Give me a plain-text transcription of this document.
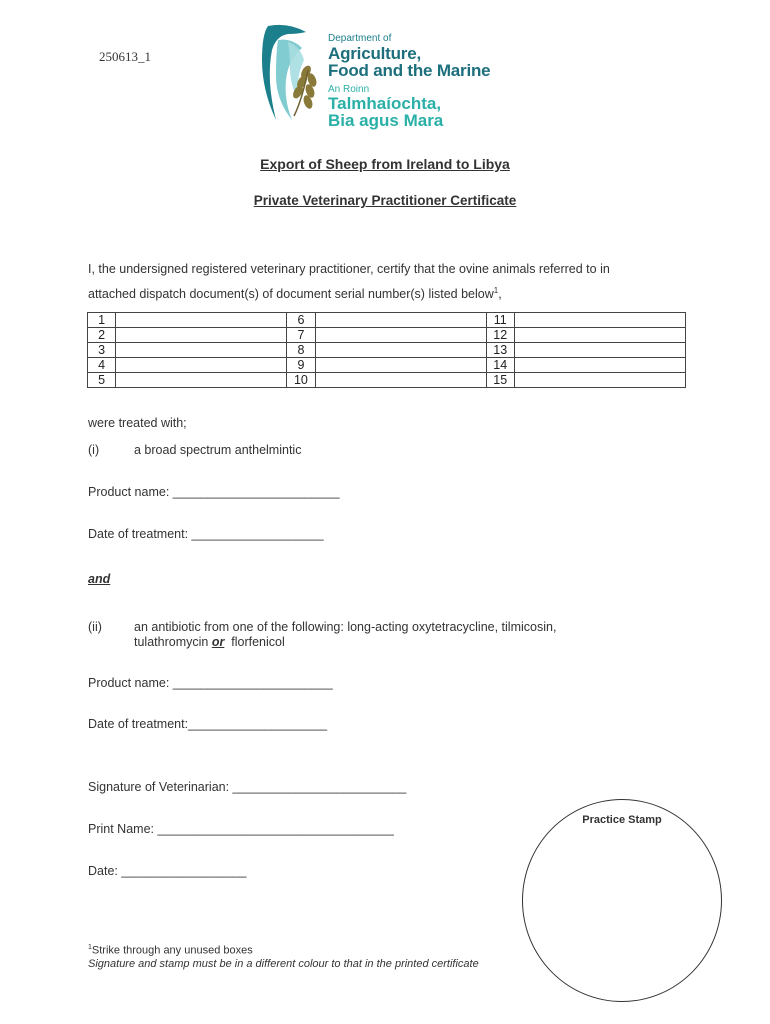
250613_1
Department of
Agriculture,
Food and the Marine
An Roinn
Talmhaíochta,
Bia agus Mara
Export of Sheep from Ireland to Libya
Private Veterinary Practitioner Certificate
I, the undersigned registered veterinary practitioner, certify that the ovine animals referred to in
attached dispatch document(s) of document serial number(s) listed below$^1$,
1		6		11	
2		7		12	
3		8		13	
4		9		14	
5		10		15	
were treated with;
(i)	a broad spectrum anthelmintic
Product name: ________________________
Date of treatment: ___________________
and
(ii)	an antibiotic from one of the following: long-acting oxytetracycline, tilmicosin,
tulathromycin or  florfenicol
Product name: _______________________
Date of treatment:____________________
Signature of Veterinarian: _________________________
Print Name: __________________________________
Date: __________________
Practice Stamp
$^1$Strike through any unused boxes
Signature and stamp must be in a different colour to that in the printed certificate
